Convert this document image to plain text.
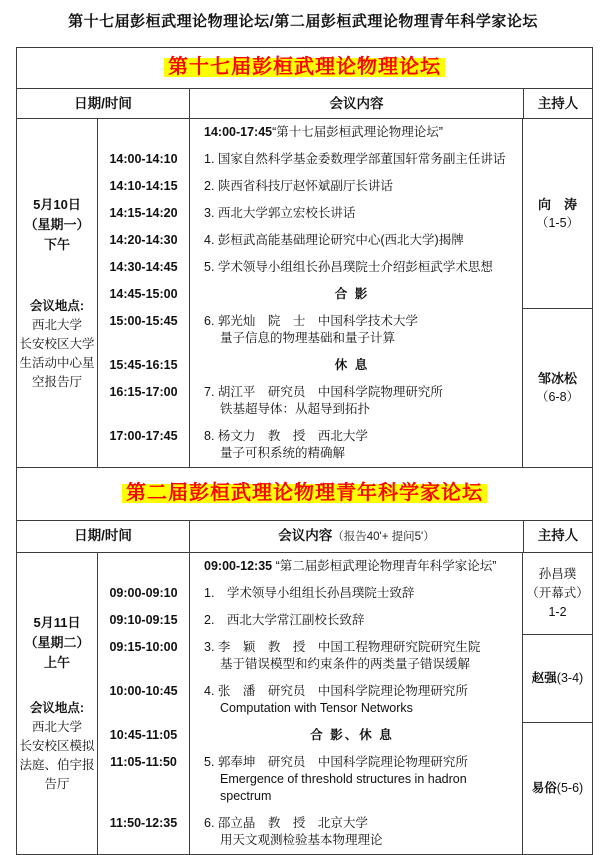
第十七届彭桓武理论物理论坛/第二届彭桓武理论物理青年科学家论坛
第十七届彭桓武理论物理论坛
日期/时间	会议内容	主持人
5月10日
（星期一）
下午
会议地点:
西北大学
长安校区大学
生活动中心星
空报告厅
14:00-17:45“第十七届彭桓武理论物理论坛”
14:00-14:10	1. 国家自然科学基金委数理学部董国轩常务副主任讲话
14:10-14:15	2. 陕西省科技厅赵怀斌副厅长讲话
14:15-14:20	3. 西北大学郭立宏校长讲话
14:20-14:30	4. 彭桓武高能基础理论研究中心(西北大学)揭牌
14:30-14:45	5. 学术领导小组组长孙昌璞院士介绍彭桓武学术思想
14:45-15:00	合 影
15:00-15:45	6. 郭光灿　院　士　中国科学技术大学
量子信息的物理基础和量子计算
15:45-16:15	休 息
16:15-17:00	7. 胡江平　研究员　中国科学院物理研究所
铁基超导体：从超导到拓扑
17:00-17:45	8. 杨文力　教　授　西北大学
量子可积系统的精确解
向　涛
（1-5）
邹冰松
（6-8）
第二届彭桓武理论物理青年科学家论坛
日期/时间	会议内容（报告40'+ 提问5'）	主持人
5月11日
（星期二）
上午
会议地点:
西北大学
长安校区模拟
法庭、伯宇报
告厅
09:00-12:35 “第二届彭桓武理论物理青年科学家论坛”
09:00-09:10	1.　学术领导小组组长孙昌璞院士致辞
09:10-09:15	2.　西北大学常江副校长致辞
09:15-10:00	3. 李　颖　教　授　中国工程物理研究院研究生院
基于错误模型和约束条件的两类量子错误缓解
10:00-10:45	4. 张　潘　研究员　中国科学院理论物理研究所
Computation with Tensor Networks
10:45-11:05	合 影、休 息
11:05-11:50	5. 郭奉坤　研究员　中国科学院理论物理研究所
Emergence of threshold structures in hadron spectrum
11:50-12:35	6. 邵立晶　教　授　北京大学
用天文观测检验基本物理理论
孙昌璞
（开幕式）
1-2
赵强(3-4)
易俗(5-6)
